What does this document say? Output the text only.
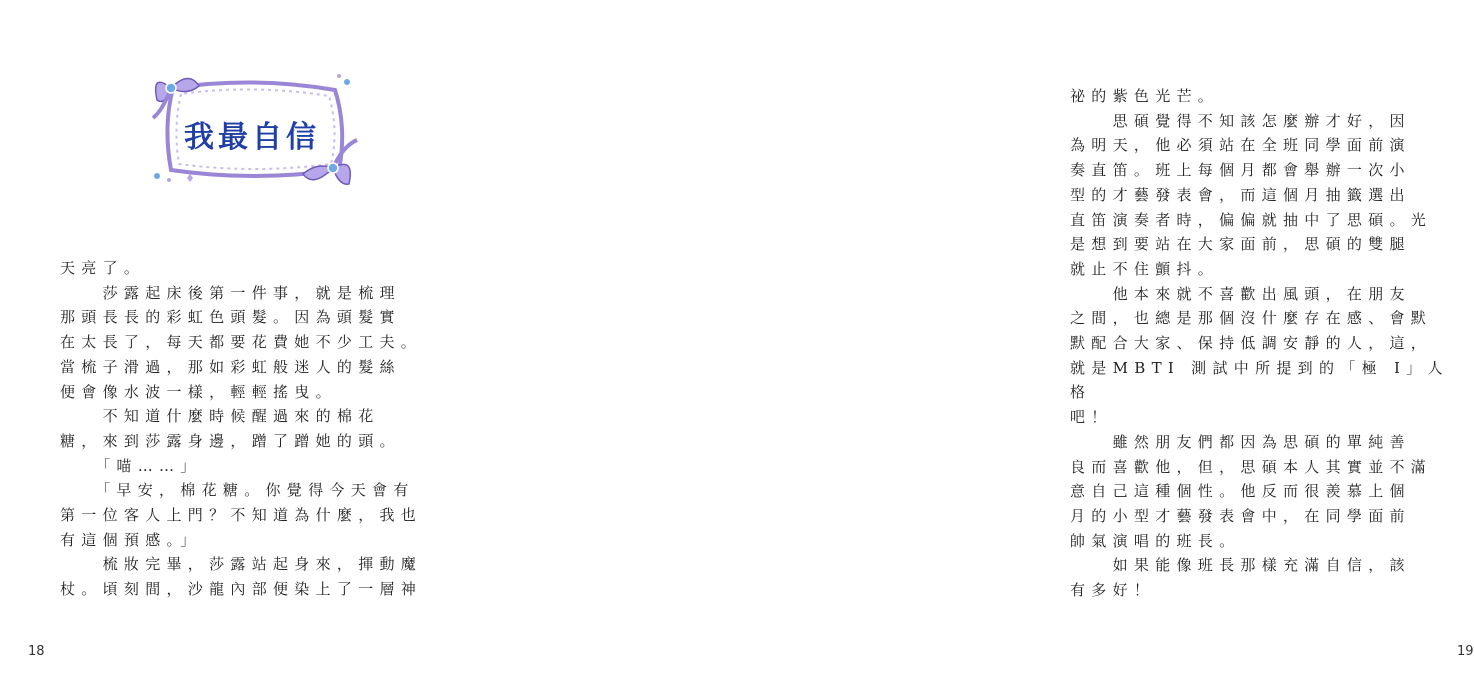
我最自信

天亮了。

　　莎露起床後第一件事，就是梳理

那頭長長的彩虹色頭髮。因為頭髮實

在太長了，每天都要花費她不少工夫。

當梳子滑過，那如彩虹般迷人的髮絲

便會像水波一樣，輕輕搖曳。

　　不知道什麼時候醒過來的棉花

糖，來到莎露身邊，蹭了蹭她的頭。

　　「喵……」

　　「早安，棉花糖。你覺得今天會有

第一位客人上門？不知道為什麼，我也

有這個預感。」

　　梳妝完畢，莎露站起身來，揮動魔

杖。頃刻間，沙龍內部便染上了一層神

18

祕的紫色光芒。

　　思碩覺得不知該怎麼辦才好，因

為明天，他必須站在全班同學面前演

奏直笛。班上每個月都會舉辦一次小

型的才藝發表會，而這個月抽籤選出

直笛演奏者時，偏偏就抽中了思碩。光

是想到要站在大家面前，思碩的雙腿

就止不住顫抖。

　　他本來就不喜歡出風頭，在朋友

之間，也總是那個沒什麼存在感、會默

默配合大家、保持低調安靜的人，這，

就是MBTI 測試中所提到的「極 I」人格

吧！

　　雖然朋友們都因為思碩的單純善

良而喜歡他，但，思碩本人其實並不滿

意自己這種個性。他反而很羨慕上個

月的小型才藝發表會中，在同學面前

帥氣演唱的班長。

　　如果能像班長那樣充滿自信，該

有多好！

19
